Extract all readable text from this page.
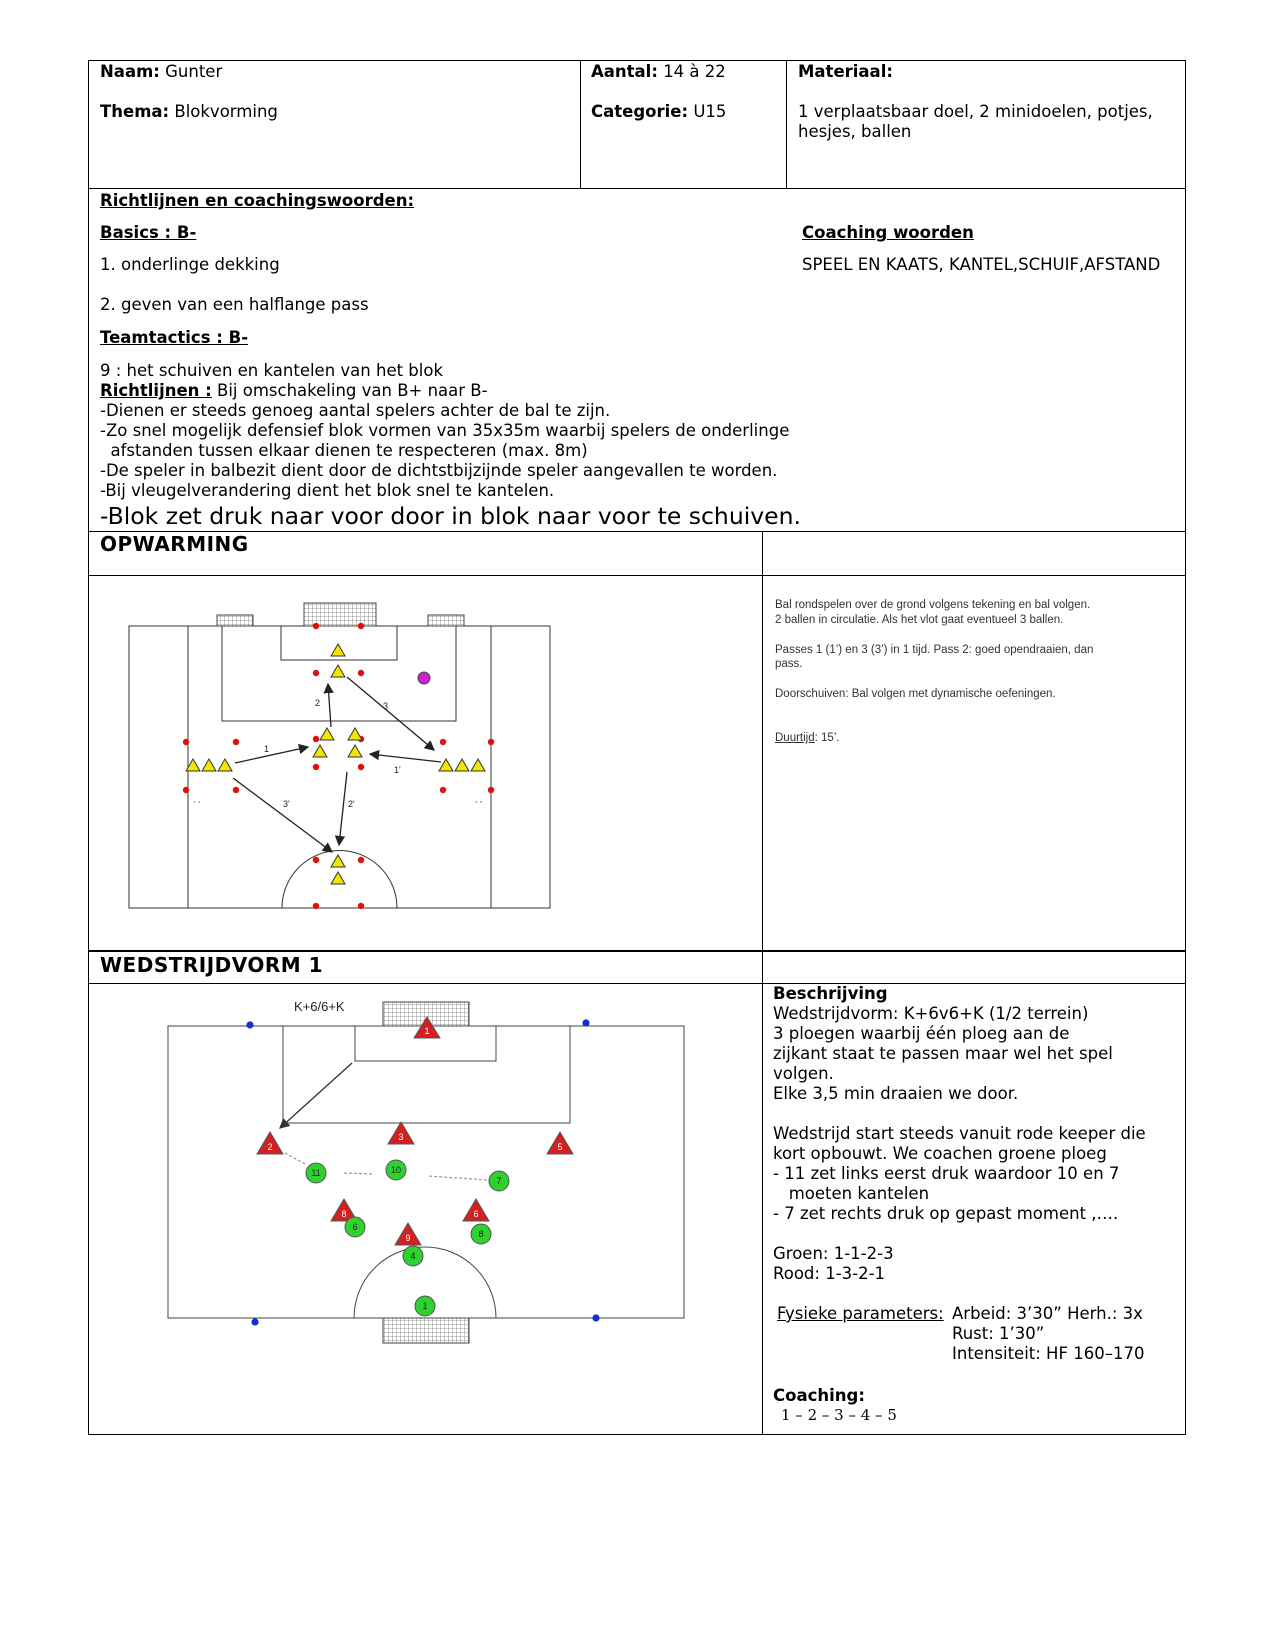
Naam: Gunter
Thema: Blokvorming
Aantal: 14 à 22
Categorie: U15
Materiaal:
1 verplaatsbaar doel, 2 minidoelen, potjes,
hesjes, ballen
Richtlijnen en coachingswoorden:
Basics : B-
1. onderlinge dekking
2. geven van een halflange pass
Coaching woorden
SPEEL EN KAATS, KANTEL,SCHUIF,AFSTAND
Teamtactics : B-
9 : het schuiven en kantelen van het blok
Richtlijnen : Bij omschakeling van B+ naar B-
-Dienen er steeds genoeg aantal spelers achter de bal te zijn.
-Zo snel mogelijk defensief blok vormen van 35x35m waarbij spelers de onderlinge
afstanden tussen elkaar dienen te respecteren (max. 8m)
-De speler in balbezit dient door de dichtstbijzijnde speler aangevallen te worden.
-Bij vleugelverandering dient het blok snel te kantelen.
-Blok zet druk naar voor door in blok naar voor te schuiven.
OPWARMING
1
1'
2
2'
3
3'
° °	° °
Bal rondspelen over de grond volgens tekening en bal volgen.
2 ballen in circulatie. Als het vlot gaat eventueel 3 ballen.
Passes 1 (1’) en 3 (3’) in 1 tijd. Pass 2: goed opendraaien, dan
pass.
Doorschuiven: Bal volgen met dynamische oefeningen.
Duurtijd: 15’.
WEDSTRIJDVORM 1
K+6/6+K
1
2
3
5
8
9
6
11	10
7
6
8
4
1
Beschrijving
Wedstrijdvorm: K+6v6+K (1/2 terrein)
3 ploegen waarbij één ploeg aan de
zijkant staat te passen maar wel het spel
volgen.
Elke 3,5 min draaien we door.
Wedstrijd start steeds vanuit rode keeper die
kort opbouwt. We coachen groene ploeg
- 11 zet links eerst druk waardoor 10 en 7
moeten kantelen
- 7 zet rechts druk op gepast moment ,….
Groen: 1-1-2-3
Rood: 1-3-2-1
Fysieke parameters: Arbeid: 3’30” Herh.: 3x
Rust: 1’30”
Intensiteit: HF 160–170
Coaching:
1 – 2 – 3 – 4 – 5
